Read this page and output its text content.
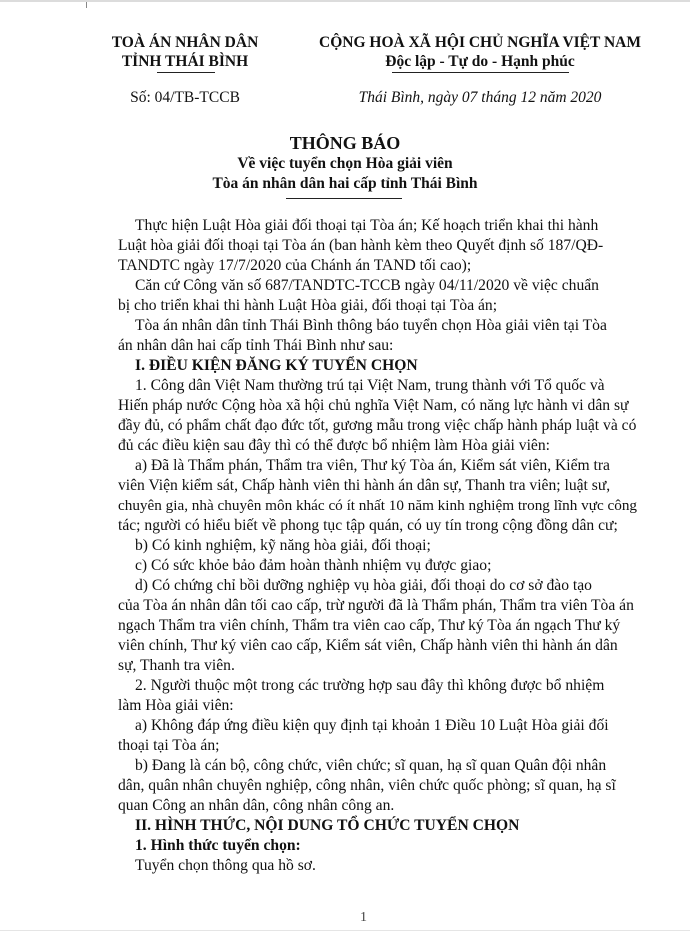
TOÀ ÁN NHÂN DÂN
TỈNH THÁI BÌNH
Số: 04/TB-TCCB
CỘNG HOÀ XÃ HỘI CHỦ NGHĨA VIỆT NAM
Độc lập - Tự do - Hạnh phúc
Thái Bình, ngày 07 tháng 12 năm 2020
THÔNG BÁO
Về việc tuyển chọn Hòa giải viên
Tòa án nhân dân hai cấp tỉnh Thái Bình
Thực hiện Luật Hòa giải đối thoại tại Tòa án; Kế hoạch triển khai thi hành
Luật hòa giải đối thoại tại Tòa án (ban hành kèm theo Quyết định số 187/QĐ-
TANDTC ngày 17/7/2020 của Chánh án TAND tối cao);
Căn cứ Công văn số 687/TANDTC-TCCB ngày 04/11/2020 về việc chuẩn
bị cho triển khai thi hành Luật Hòa giải, đối thoại tại Tòa án;
Tòa án nhân dân tỉnh Thái Bình thông báo tuyển chọn Hòa giải viên tại Tòa
án nhân dân hai cấp tỉnh Thái Bình như sau:
I. ĐIỀU KIỆN ĐĂNG KÝ TUYỂN CHỌN
1. Công dân Việt Nam thường trú tại Việt Nam, trung thành với Tổ quốc và
Hiến pháp nước Cộng hòa xã hội chủ nghĩa Việt Nam, có năng lực hành vi dân sự
đầy đủ, có phẩm chất đạo đức tốt, gương mẫu trong việc chấp hành pháp luật và có
đủ các điều kiện sau đây thì có thể được bổ nhiệm làm Hòa giải viên:
a) Đã là Thẩm phán, Thẩm tra viên, Thư ký Tòa án, Kiểm sát viên, Kiểm tra
viên Viện kiểm sát, Chấp hành viên thi hành án dân sự, Thanh tra viên; luật sư,
chuyên gia, nhà chuyên môn khác có ít nhất 10 năm kinh nghiệm trong lĩnh vực công
tác; người có hiểu biết về phong tục tập quán, có uy tín trong cộng đồng dân cư;
b) Có kinh nghiệm, kỹ năng hòa giải, đối thoại;
c) Có sức khỏe bảo đảm hoàn thành nhiệm vụ được giao;
d) Có chứng chỉ bồi dưỡng nghiệp vụ hòa giải, đối thoại do cơ sở đào tạo
của Tòa án nhân dân tối cao cấp, trừ người đã là Thẩm phán, Thẩm tra viên Tòa án
ngạch Thẩm tra viên chính, Thẩm tra viên cao cấp, Thư ký Tòa án ngạch Thư ký
viên chính, Thư ký viên cao cấp, Kiểm sát viên, Chấp hành viên thi hành án dân
sự, Thanh tra viên.
2. Người thuộc một trong các trường hợp sau đây thì không được bổ nhiệm
làm Hòa giải viên:
a) Không đáp ứng điều kiện quy định tại khoản 1 Điều 10 Luật Hòa giải đối
thoại tại Tòa án;
b) Đang là cán bộ, công chức, viên chức; sĩ quan, hạ sĩ quan Quân đội nhân
dân, quân nhân chuyên nghiệp, công nhân, viên chức quốc phòng; sĩ quan, hạ sĩ
quan Công an nhân dân, công nhân công an.
II. HÌNH THỨC, NỘI DUNG TỔ CHỨC TUYỂN CHỌN
1. Hình thức tuyển chọn:
Tuyển chọn thông qua hồ sơ.
1
